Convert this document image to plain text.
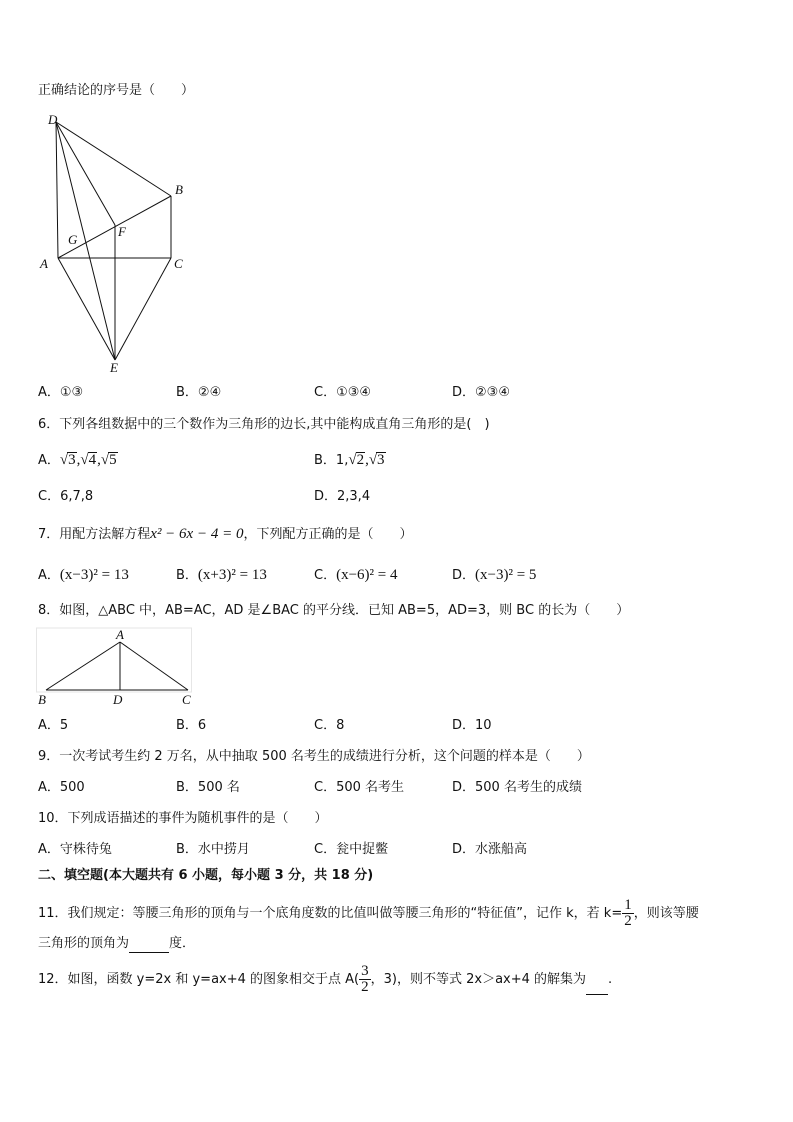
正确结论的序号是（　　）
D
B
G
F
A	C
E
A．①③	B．②④	C．①③④	D．②③④
6．下列各组数据中的三个数作为三角形的边长,其中能构成直角三角形的是(　)
A．√3,√4,√5	B．1,√2,√3
C．6,7,8	D．2,3,4
7．用配方法解方程x² − 6x − 4 = 0，下列配方正确的是（　　）
A．(x−3)² = 13	B．(x+3)² = 13	C．(x−6)² = 4	D．(x−3)² = 5
8．如图，△ABC 中，AB=AC，AD 是∠BAC 的平分线．已知 AB=5，AD=3，则 BC 的长为（　　）
A
B	D	C
A．5	B．6	C．8	D．10
9．一次考试考生约 2 万名，从中抽取 500 名考生的成绩进行分析，这个问题的样本是（　　）
A．500	B．500 名	C．500 名考生	D．500 名考生的成绩
10．下列成语描述的事件为随机事件的是（　　）
A．守株待兔	B．水中捞月	C．瓮中捉鳖	D．水涨船高
二、填空题(本大题共有 6 小题，每小题 3 分，共 18 分)
11．我们规定：等腰三角形的顶角与一个底角度数的比值叫做等腰三角形的“特征值”，记作 k，若 $k= \frac{1}{2}$ ，则该等腰
三角形的顶角为	度．
12．如图，函数 y=2x 和 y=ax+4 的图象相交于点 $A( \frac{3}{2}$ ，3)，则不等式 2x＞ax+4 的解集为 .
